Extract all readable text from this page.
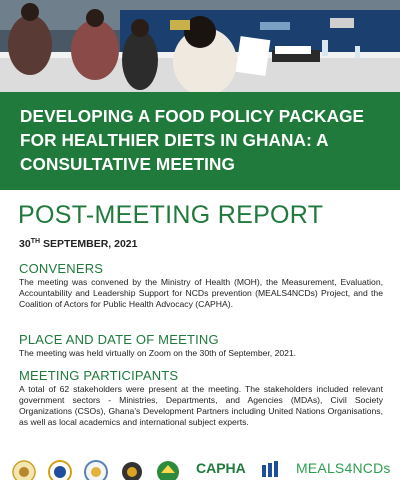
DEVELOPING A FOOD POLICY PACKAGE FOR HEALTHIER DIETS IN GHANA: A CONSULTATIVE MEETING
POST-MEETING REPORT
30TH SEPTEMBER, 2021
CONVENERS
The meeting was convened by the Ministry of Health (MOH), the Measurement, Evaluation, Accountability and Leadership Support for NCDs prevention (MEALS4NCDs) Project, and the Coalition of Actors for Public Health Advocacy (CAPHA).
PLACE AND DATE OF MEETING
The meeting was held virtually on Zoom on the 30th of September, 2021.
MEETING PARTICIPANTS
A total of 62 stakeholders were present at the meeting. The stakeholders included relevant government sectors - Ministries, Departments, and Agencies (MDAs), Civil Society Organizations (CSOs), Ghana’s Development Partners including United Nations Organisations, as well as local academics and international subject experts.
CAPHA	MEALS4NCDs
